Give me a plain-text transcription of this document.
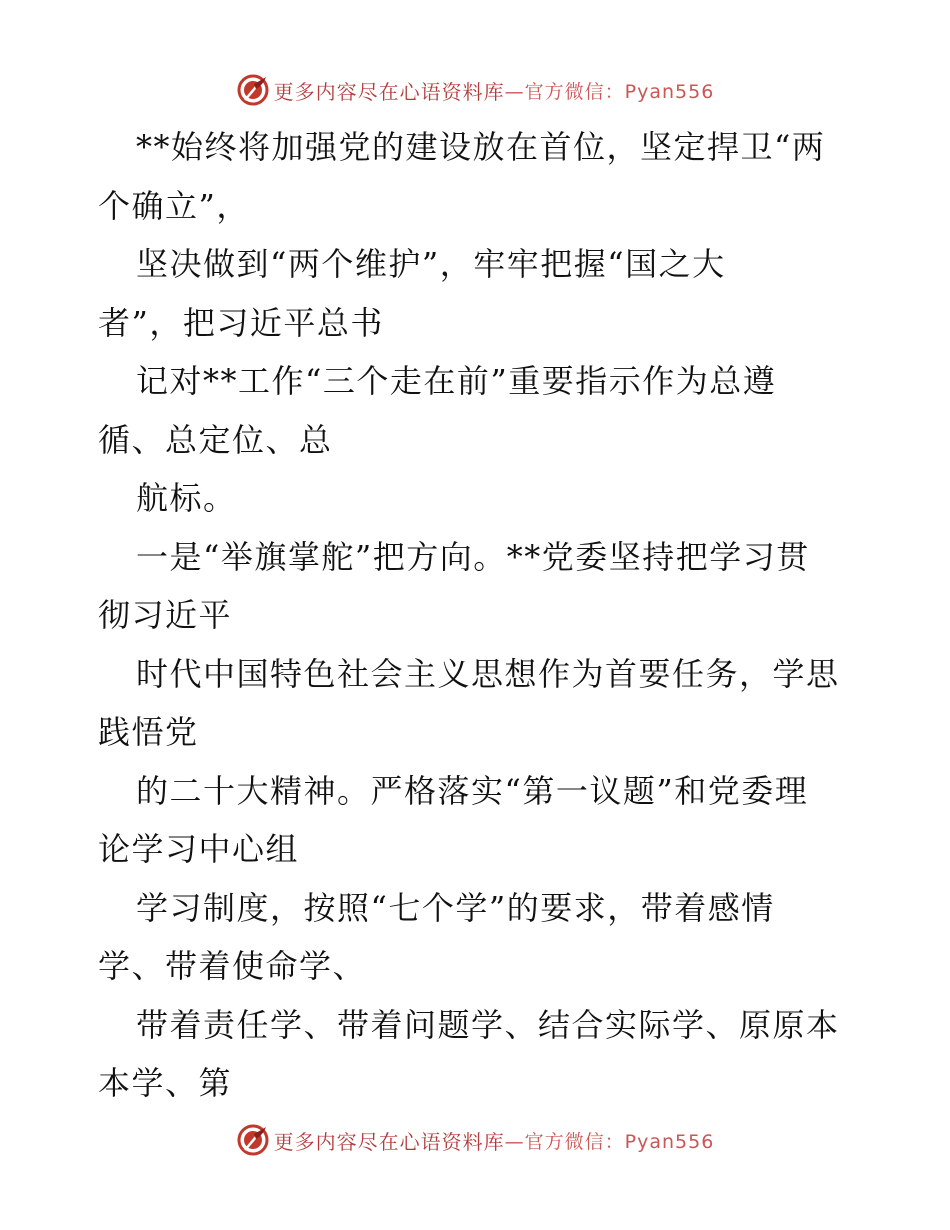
更多内容尽在心语资料库 —官方微信：Pyan556
**始终将加强党的建设放在首位，坚定捍卫“两
个确立”，
坚决做到“两个维护”，牢牢把握“国之大
者”，把习近平总书
记对**工作“三个走在前”重要指示作为总遵
循、总定位、总
航标。
一是“举旗掌舵”把方向。**党委坚持把学习贯
彻习近平
时代中国特色社会主义思想作为首要任务，学思
践悟党
的二十大精神。严格落实“第一议题”和党委理
论学习中心组
学习制度，按照“七个学”的要求，带着感情
学、带着使命学、
带着责任学、带着问题学、结合实际学、原原本
本学、第
更多内容尽在心语资料库 —官方微信：Pyan556
